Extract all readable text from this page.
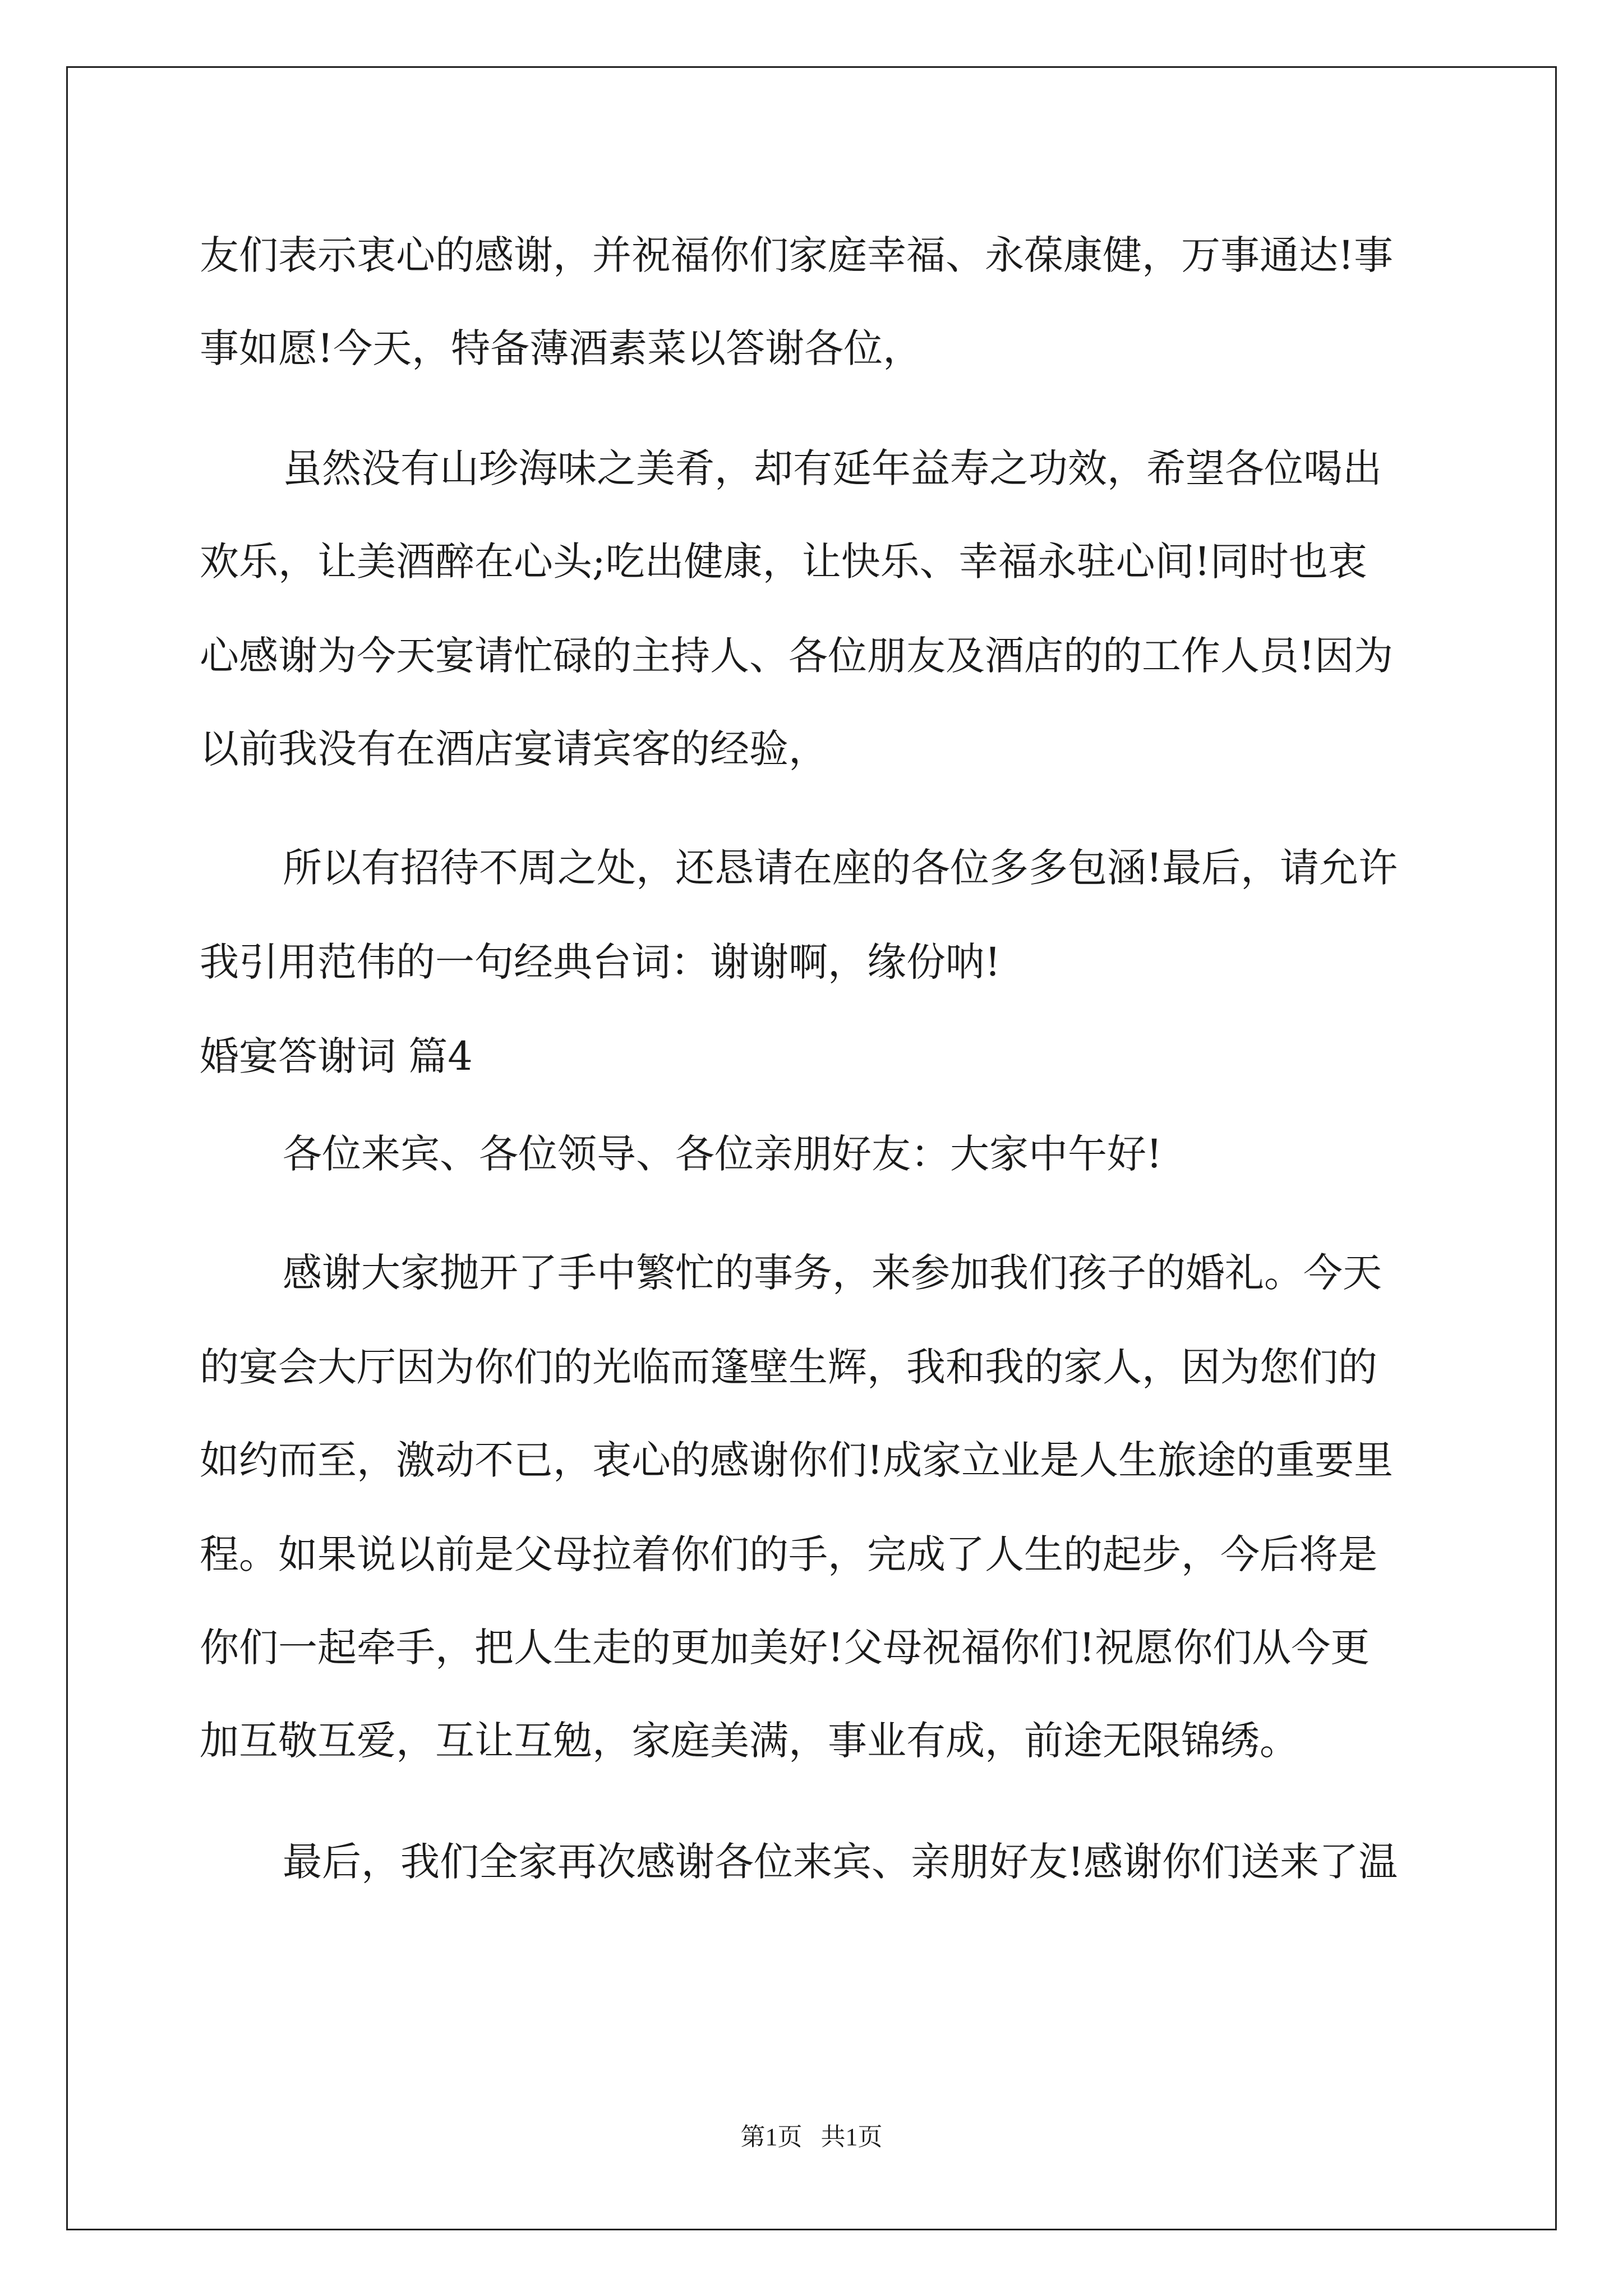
友们表示衷心的感谢，并祝福你们家庭幸福、永葆康健，万事通达!事
事如愿!今天，特备薄酒素菜以答谢各位，
虽然没有山珍海味之美肴，却有延年益寿之功效，希望各位喝出
欢乐，让美酒醉在心头;吃出健康，让快乐、幸福永驻心间!同时也衷
心感谢为今天宴请忙碌的主持人、各位朋友及酒店的的工作人员!因为
以前我没有在酒店宴请宾客的经验，
所以有招待不周之处，还恳请在座的各位多多包涵!最后，请允许
我引用范伟的一句经典台词：谢谢啊，缘份呐!
婚宴答谢词 篇4
各位来宾、各位领导、各位亲朋好友：大家中午好!
感谢大家抛开了手中繁忙的事务，来参加我们孩子的婚礼。今天
的宴会大厅因为你们的光临而篷壁生辉，我和我的家人，因为您们的
如约而至，激动不已，衷心的感谢你们!成家立业是人生旅途的重要里
程。如果说以前是父母拉着你们的手，完成了人生的起步，今后将是
你们一起牵手，把人生走的更加美好!父母祝福你们!祝愿你们从今更
加互敬互爱，互让互勉，家庭美满，事业有成，前途无限锦绣。
最后，我们全家再次感谢各位来宾、亲朋好友!感谢你们送来了温
第1页   共1页
